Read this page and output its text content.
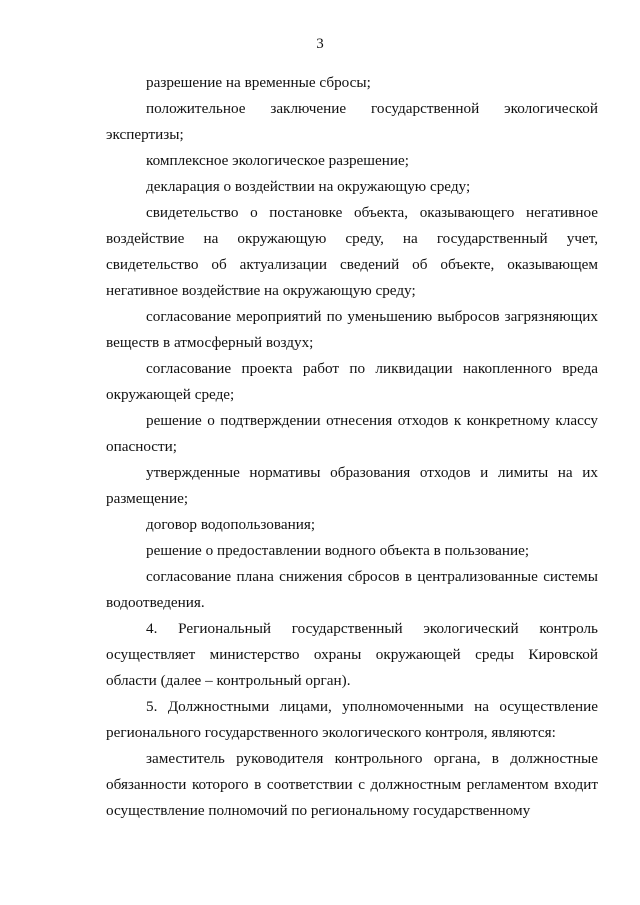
3

разрешение на временные сбросы;

положительное заключение государственной экологической экспертизы;

комплексное экологическое разрешение;

декларация о воздействии на окружающую среду;

свидетельство о постановке объекта, оказывающего негативное воздействие на окружающую среду, на государственный учет, свидетельство об актуализации сведений об объекте, оказывающем негативное воздействие на окружающую среду;

согласование мероприятий по уменьшению выбросов загрязняющих веществ в атмосферный воздух;

согласование проекта работ по ликвидации накопленного вреда окружающей среде;

решение о подтверждении отнесения отходов к конкретному классу опасности;

утвержденные нормативы образования отходов и лимиты на их размещение;

договор водопользования;

решение о предоставлении водного объекта в пользование;

согласование плана снижения сбросов в централизованные системы водоотведения.

4. Региональный государственный экологический контроль осуществляет министерство охраны окружающей среды Кировской области (далее – контрольный орган).

5. Должностными лицами, уполномоченными на осуществление регионального государственного экологического контроля, являются:

заместитель руководителя контрольного органа, в должностные обязанности которого в соответствии с должностным регламентом входит осуществление полномочий по региональному государственному
